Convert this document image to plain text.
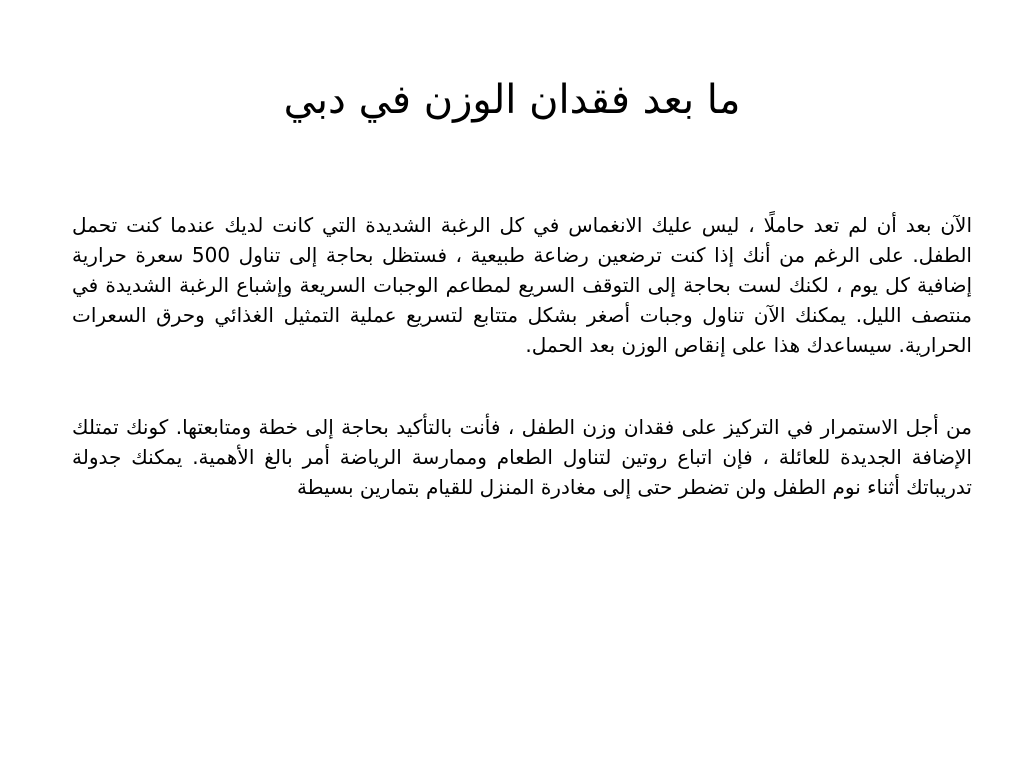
ما بعد فقدان الوزن في دبي

الآن بعد أن لم تعد حاملًا ، ليس عليك الانغماس في كل الرغبة الشديدة التي كانت لديك عندما كنت تحمل الطفل. على الرغم من أنك إذا كنت ترضعين رضاعة طبيعية ، فستظل بحاجة إلى تناول 500 سعرة حرارية إضافية كل يوم ، لكنك لست بحاجة إلى التوقف السريع لمطاعم الوجبات السريعة وإشباع الرغبة الشديدة في منتصف الليل. يمكنك الآن تناول وجبات أصغر بشكل متتابع لتسريع عملية التمثيل الغذائي وحرق السعرات الحرارية. سيساعدك هذا على إنقاص الوزن بعد الحمل.

من أجل الاستمرار في التركيز على فقدان وزن الطفل ، فأنت بالتأكيد بحاجة إلى خطة ومتابعتها. كونك تمتلك الإضافة الجديدة للعائلة ، فإن اتباع روتين لتناول الطعام وممارسة الرياضة أمر بالغ الأهمية. يمكنك جدولة تدريباتك أثناء نوم الطفل ولن تضطر حتى إلى مغادرة المنزل للقيام بتمارين بسيطة
